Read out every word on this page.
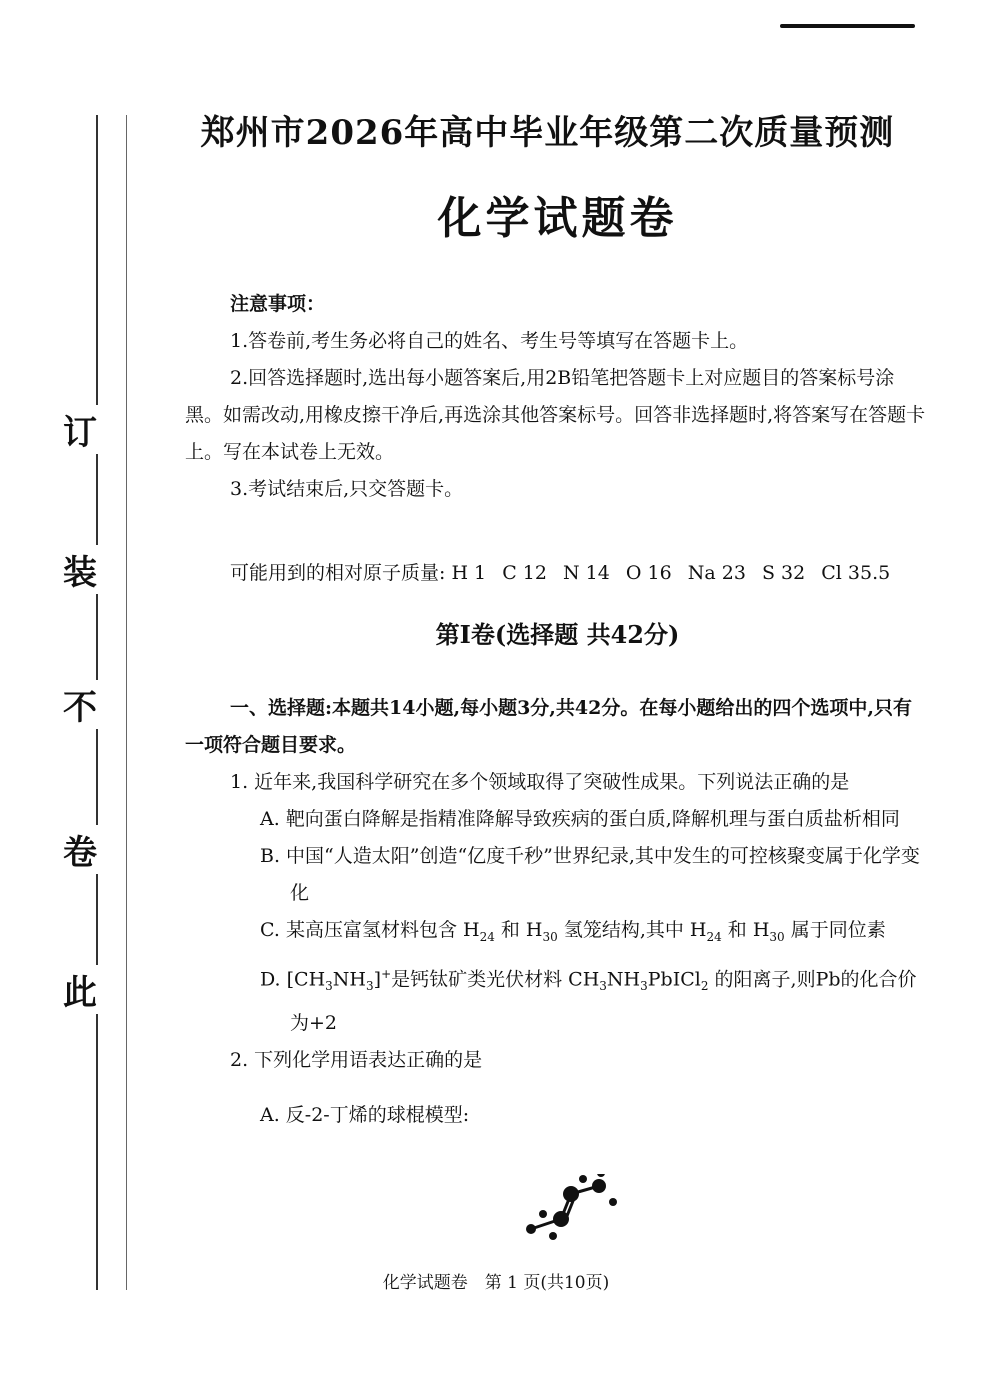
订
装
不
卷
此
郑州市2026年高中毕业年级第二次质量预测
化学试题卷
注意事项：

1.答卷前,考生务必将自己的姓名、考生号等填写在答题卡上。

2.回答选择题时,选出每小题答案后,用2B铅笔把答题卡上对应题目的答案标号涂黑。如需改动,用橡皮擦干净后,再选涂其他答案标号。回答非选择题时,将答案写在答题卡上。写在本试卷上无效。

3.考试结束后,只交答题卡。

可能用到的相对原子质量: H 1 C 12 N 14 O 16 Na 23 S 32 Cl 35.5
第Ⅰ卷(选择题 共42分)

一、选择题:本题共14小题,每小题3分,共42分。在每小题给出的四个选项中,只有一项符合题目要求。

1. 近年来,我国科学研究在多个领域取得了突破性成果。下列说法正确的是

A. 靶向蛋白降解是指精准降解导致疾病的蛋白质,降解机理与蛋白质盐析相同
B. 中国“人造太阳”创造“亿度千秒”世界纪录,其中发生的可控核聚变属于化学变化
C. 某高压富氢材料包含 $H_{24}$ 和 $H_{30}$ 氢笼结构,其中 $H_{24}$ 和 $H_{30}$ 属于同位素
D. $[CH_3NH_3]^+$是钙钛矿类光伏材料 $CH_3NH_3PbICl_2$ 的阳离子,则Pb的化合价为+2

2. 下列化学用语表达正确的是

A. 反-2-丁烯的球棍模型:
化学试题卷　第 1 页(共10页)
